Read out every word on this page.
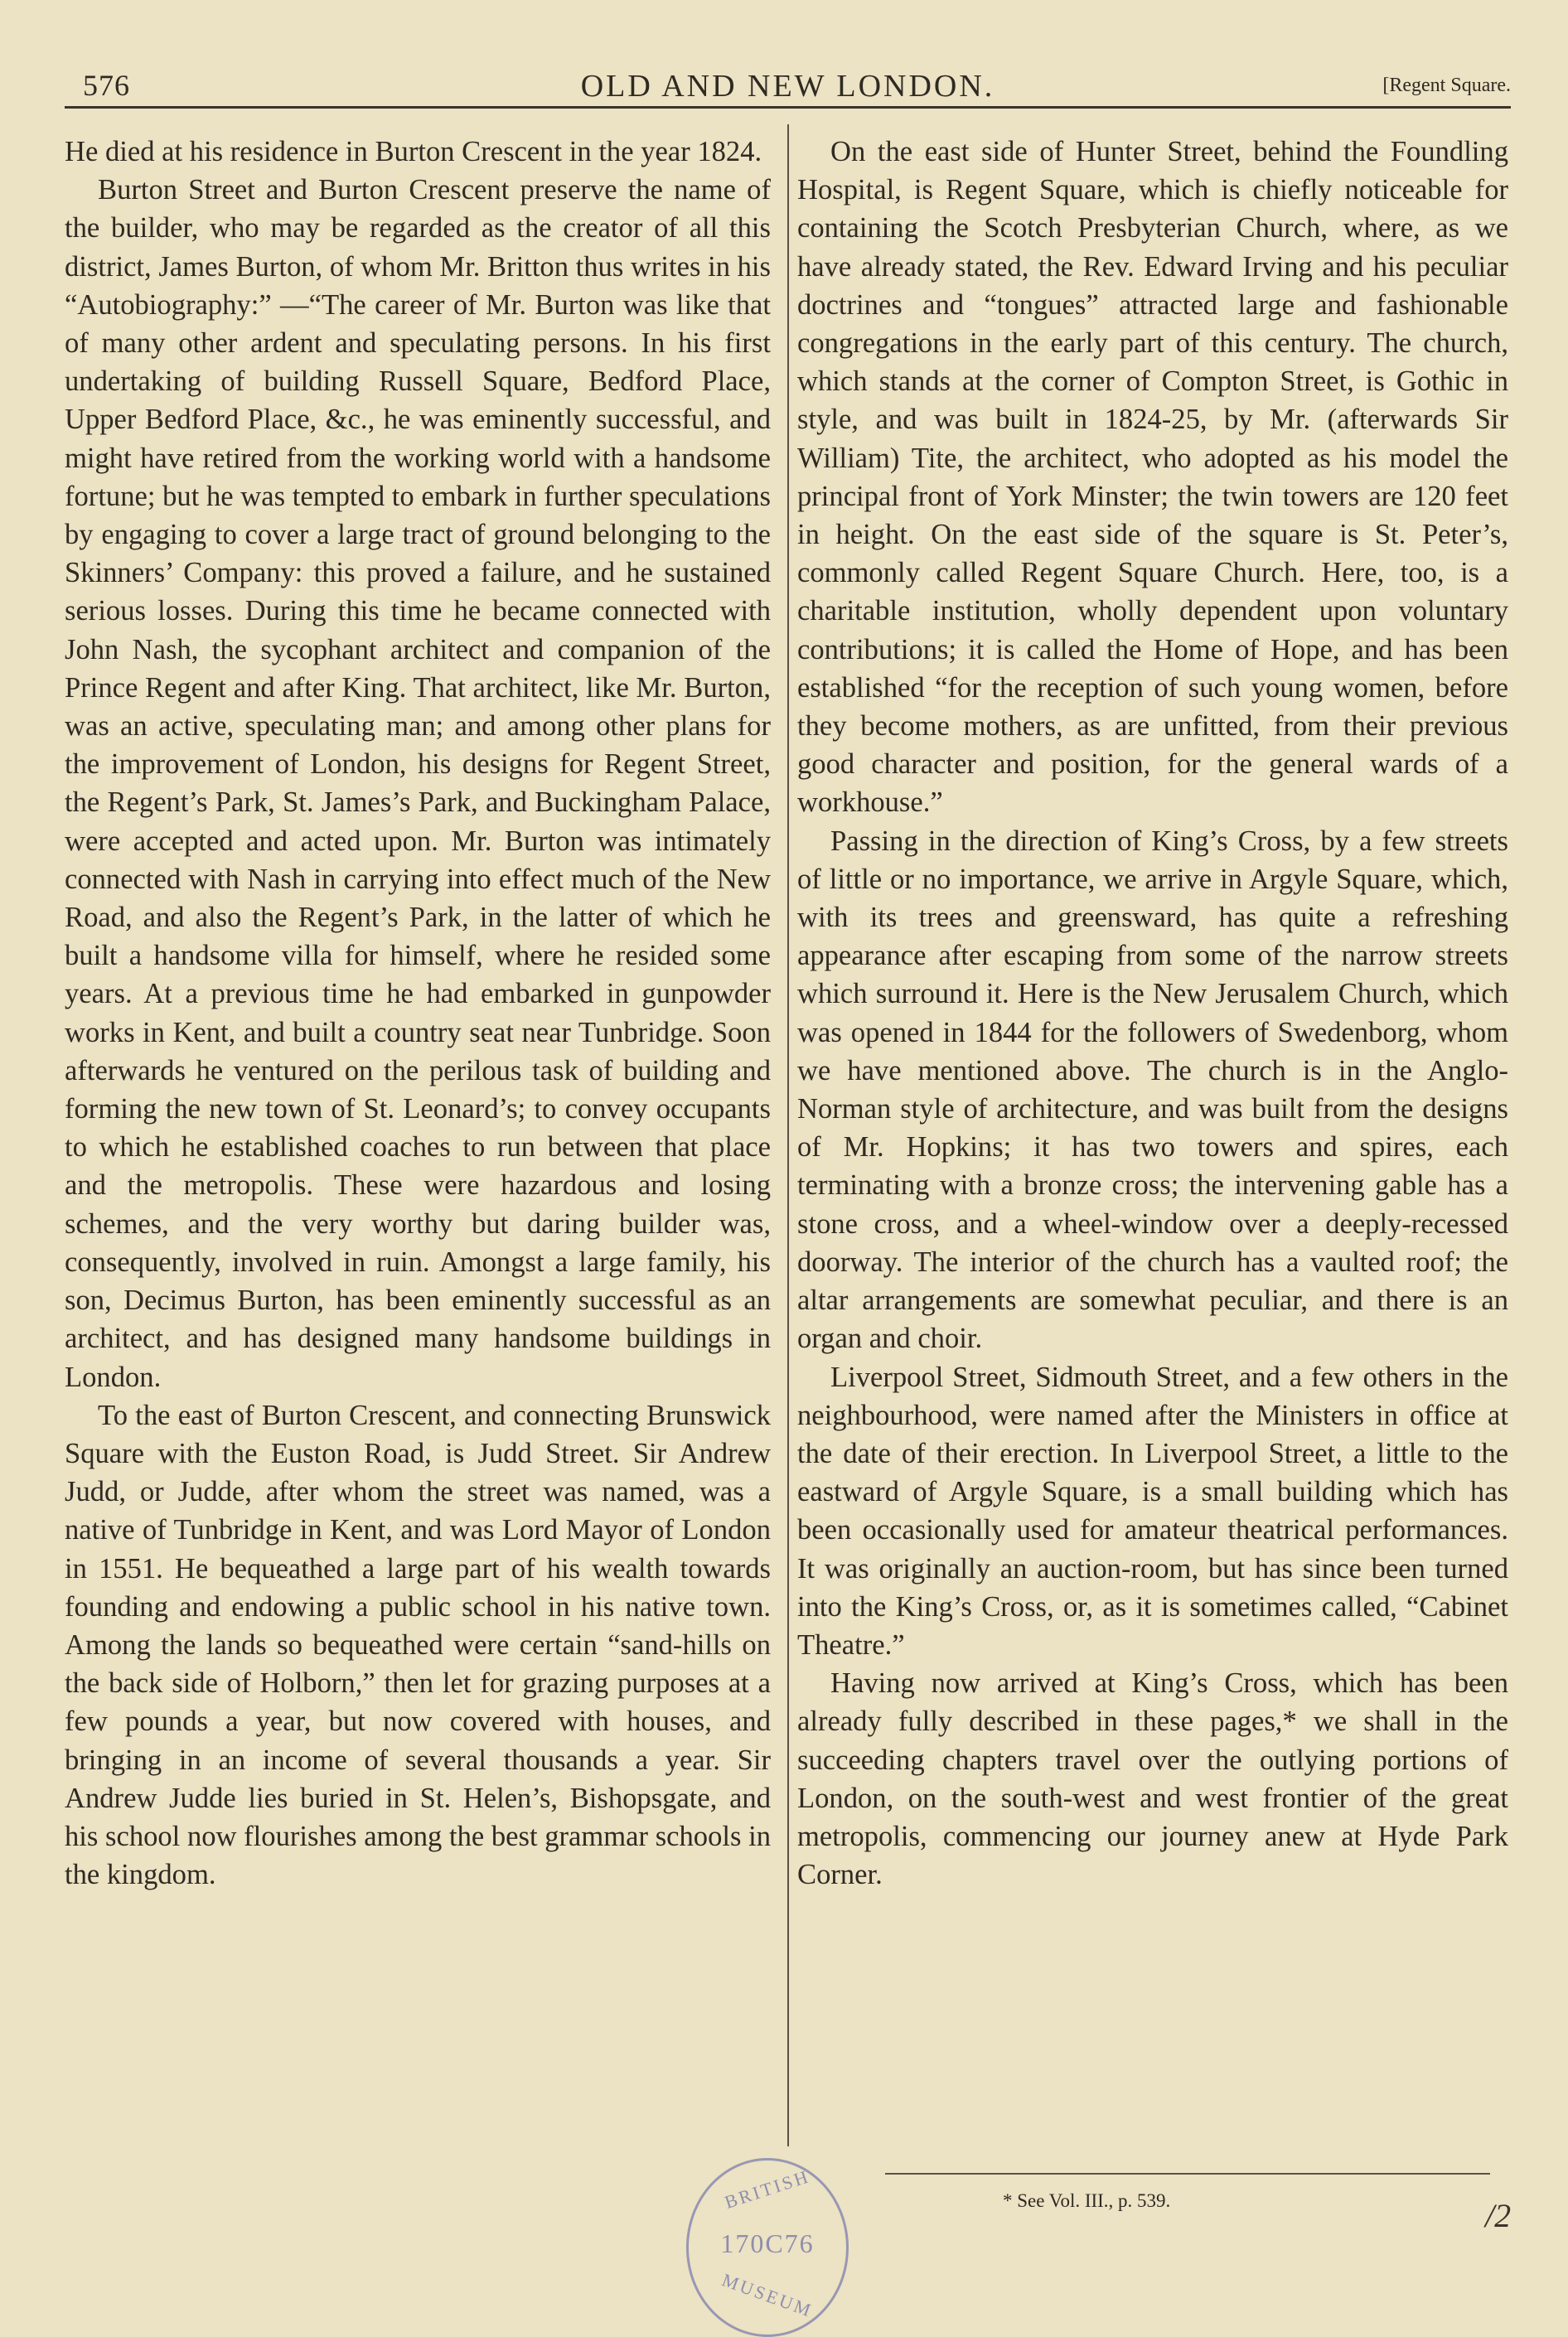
576	OLD AND NEW LONDON.	[Regent Square.

He died at his residence in Burton Crescent in the year 1824.

Burton Street and Burton Crescent preserve the name of the builder, who may be regarded as the creator of all this district, James Burton, of whom Mr. Britton thus writes in his “Autobiography:” —“The career of Mr. Burton was like that of many other ardent and speculating persons. In his first undertaking of building Russell Square, Bedford Place, Upper Bedford Place, &c., he was eminently successful, and might have retired from the working world with a handsome fortune; but he was tempted to embark in further speculations by engaging to cover a large tract of ground belonging to the Skinners’ Company: this proved a failure, and he sustained serious losses. During this time he became connected with John Nash, the sycophant architect and companion of the Prince Regent and after King. That architect, like Mr. Burton, was an active, speculating man; and among other plans for the improvement of London, his designs for Regent Street, the Regent’s Park, St. James’s Park, and Buckingham Palace, were accepted and acted upon. Mr. Burton was intimately connected with Nash in carrying into effect much of the New Road, and also the Regent’s Park, in the latter of which he built a handsome villa for himself, where he resided some years. At a previous time he had embarked in gunpowder works in Kent, and built a country seat near Tunbridge. Soon afterwards he ventured on the perilous task of building and forming the new town of St. Leonard’s; to convey occupants to which he established coaches to run between that place and the metropolis. These were hazardous and losing schemes, and the very worthy but daring builder was, consequently, involved in ruin. Amongst a large family, his son, Decimus Burton, has been eminently successful as an architect, and has designed many handsome buildings in London.

To the east of Burton Crescent, and connecting Brunswick Square with the Euston Road, is Judd Street. Sir Andrew Judd, or Judde, after whom the street was named, was a native of Tunbridge in Kent, and was Lord Mayor of London in 1551. He bequeathed a large part of his wealth towards founding and endowing a public school in his native town. Among the lands so bequeathed were certain “sand-hills on the back side of Holborn,” then let for grazing purposes at a few pounds a year, but now covered with houses, and bringing in an income of several thousands a year. Sir Andrew Judde lies buried in St. Helen’s, Bishopsgate, and his school now flourishes among the best grammar schools in the kingdom.

On the east side of Hunter Street, behind the Foundling Hospital, is Regent Square, which is chiefly noticeable for containing the Scotch Presbyterian Church, where, as we have already stated, the Rev. Edward Irving and his peculiar doctrines and “tongues” attracted large and fashionable congregations in the early part of this century. The church, which stands at the corner of Compton Street, is Gothic in style, and was built in 1824-25, by Mr. (afterwards Sir William) Tite, the architect, who adopted as his model the principal front of York Minster; the twin towers are 120 feet in height. On the east side of the square is St. Peter’s, commonly called Regent Square Church. Here, too, is a charitable institution, wholly dependent upon voluntary contributions; it is called the Home of Hope, and has been established “for the reception of such young women, before they become mothers, as are unfitted, from their previous good character and position, for the general wards of a workhouse.”

Passing in the direction of King’s Cross, by a few streets of little or no importance, we arrive in Argyle Square, which, with its trees and greensward, has quite a refreshing appearance after escaping from some of the narrow streets which surround it. Here is the New Jerusalem Church, which was opened in 1844 for the followers of Swedenborg, whom we have mentioned above. The church is in the Anglo-Norman style of architecture, and was built from the designs of Mr. Hopkins; it has two towers and spires, each terminating with a bronze cross; the intervening gable has a stone cross, and a wheel-window over a deeply-recessed doorway. The interior of the church has a vaulted roof; the altar arrangements are somewhat peculiar, and there is an organ and choir.

Liverpool Street, Sidmouth Street, and a few others in the neighbourhood, were named after the Ministers in office at the date of their erection. In Liverpool Street, a little to the eastward of Argyle Square, is a small building which has been occasionally used for amateur theatrical performances. It was originally an auction-room, but has since been turned into the King’s Cross, or, as it is sometimes called, “Cabinet Theatre.”

Having now arrived at King’s Cross, which has been already fully described in these pages,* we shall in the succeeding chapters travel over the outlying portions of London, on the south-west and west frontier of the great metropolis, commencing our journey anew at Hyde Park Corner.

* See Vol. III., p. 539.
BRITISH
170C76
MUSEUM
/2
